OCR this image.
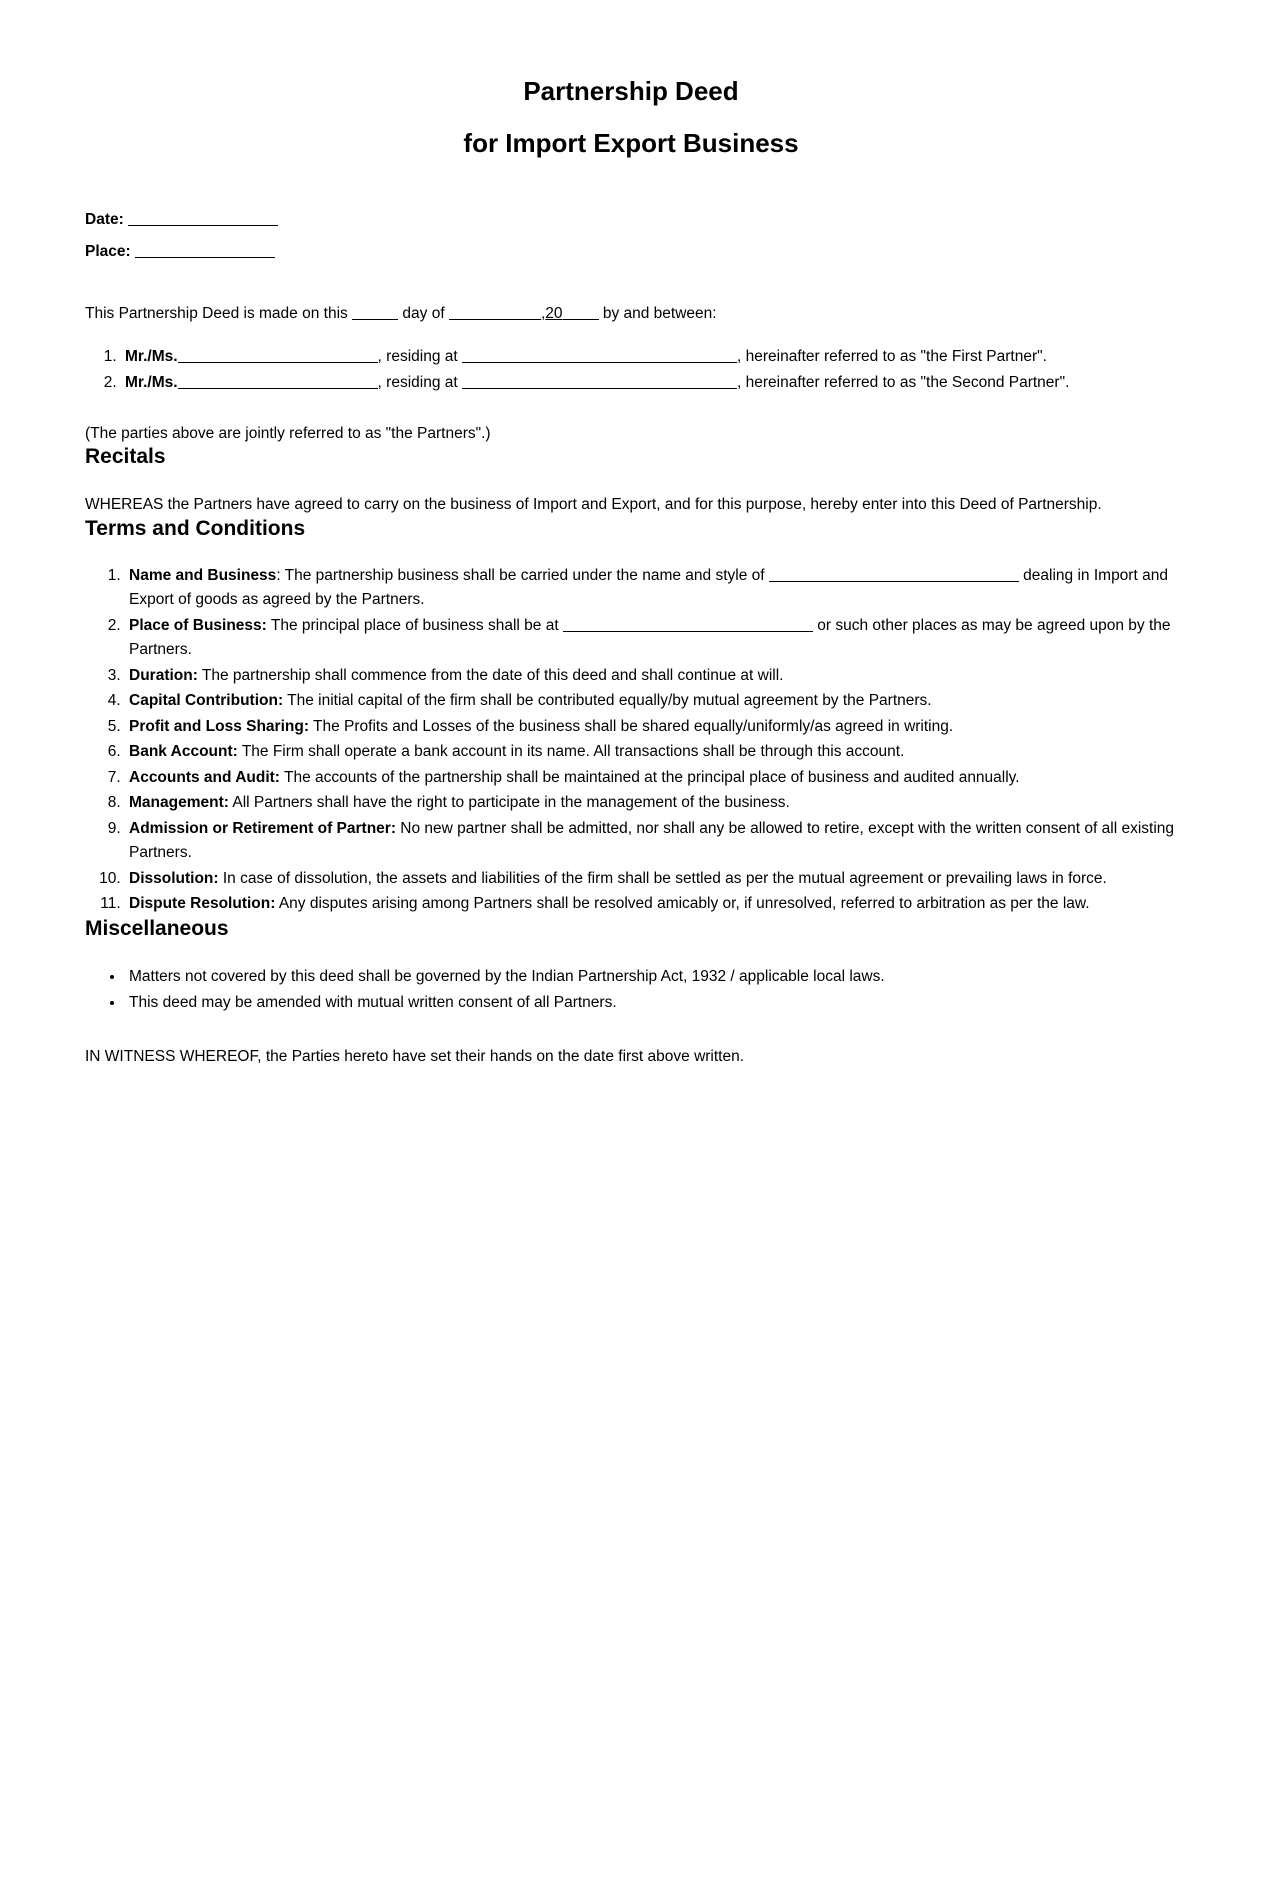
Partnership Deed
for Import Export Business
Date:
Place:

This Partnership Deed is made on this	day of	,20	by and between:

1. Mr./Ms.	, residing at	, hereinafter referred to as "the First Partner".
2. Mr./Ms.	, residing at	, hereinafter referred to as "the Second Partner".

(The parties above are jointly referred to as "the Partners".)

Recitals

WHEREAS the Partners have agreed to carry on the business of Import and Export, and for this purpose, hereby enter into this Deed of Partnership.

Terms and Conditions
1. Name and Business: The partnership business shall be carried under the name and style of	dealing in Import and Export of goods as agreed by the Partners.
2. Place of Business: The principal place of business shall be at	or such other places as may be agreed upon by the Partners.
3. Duration: The partnership shall commence from the date of this deed and shall continue at will.
4. Capital Contribution: The initial capital of the firm shall be contributed equally/by mutual agreement by the Partners.
5. Profit and Loss Sharing: The Profits and Losses of the business shall be shared equally/uniformly/as agreed in writing.
6. Bank Account: The Firm shall operate a bank account in its name. All transactions shall be through this account.
7. Accounts and Audit: The accounts of the partnership shall be maintained at the principal place of business and audited annually.
8. Management: All Partners shall have the right to participate in the management of the business.
9. Admission or Retirement of Partner: No new partner shall be admitted, nor shall any be allowed to retire, except with the written consent of all existing Partners.
10. Dissolution: In case of dissolution, the assets and liabilities of the firm shall be settled as per the mutual agreement or prevailing laws in force.
11. Dispute Resolution: Any disputes arising among Partners shall be resolved amicably or, if unresolved, referred to arbitration as per the law.
Miscellaneous
• Matters not covered by this deed shall be governed by the Indian Partnership Act, 1932 / applicable local laws.
• This deed may be amended with mutual written consent of all Partners.

IN WITNESS WHEREOF, the Parties hereto have set their hands on the date first above written.
